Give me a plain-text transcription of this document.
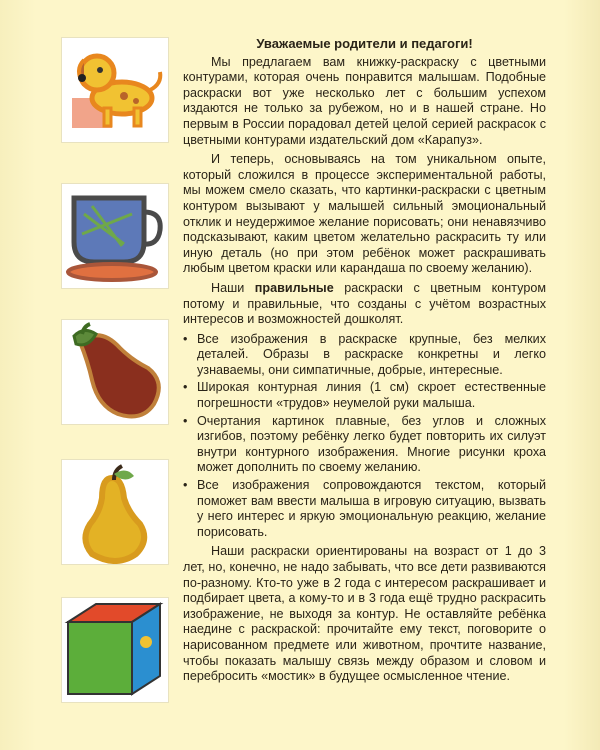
Уважаемые родители и педагоги!

Мы предлагаем вам книжку-раскраску с цветными контурами, которая очень понравится малышам. Подобные раскраски вот уже несколько лет с большим успехом издаются не только за рубежом, но и в нашей стране. Но первым в России порадовал детей целой серией раскрасок с цветными контурами издательский дом «Карапуз».

И теперь, основываясь на том уникальном опыте, который сложился в процессе экспериментальной работы, мы можем смело сказать, что картинки-раскраски с цветным контуром вызывают у малышей сильный эмоциональный отклик и неудержимое желание порисовать; они ненавязчиво подсказывают, каким цветом желательно раскрасить ту или иную деталь (но при этом ребёнок может раскрашивать любым цветом краски или карандаша по своему желанию).

Наши правильные раскраски с цветным контуром потому и правильные, что созданы с учётом возрастных интересов и возможностей дошколят.

• Все изображения в раскраске крупные, без мелких деталей. Образы в раскраске конкретны и легко узнаваемы, они симпатичные, добрые, интересные.
• Широкая контурная линия (1 см) скроет естественные погрешности «трудов» неумелой руки малыша.
• Очертания картинок плавные, без углов и сложных изгибов, поэтому ребёнку легко будет повторить их силуэт внутри контурного изображения. Многие рисунки кроха может дополнить по своему желанию.
• Все изображения сопровождаются текстом, который поможет вам ввести малыша в игровую ситуацию, вызвать у него интерес и яркую эмоциональную реакцию, желание порисовать.

Наши раскраски ориентированы на возраст от 1 до 3 лет, но, конечно, не надо забывать, что все дети развиваются по-разному. Кто-то уже в 2 года с интересом раскрашивает и подбирает цвета, а кому-то и в 3 года ещё трудно раскрасить изображение, не выходя за контур. Не оставляйте ребёнка наедине с раскраской: прочитайте ему текст, поговорите о нарисованном предмете или животном, прочтите название, чтобы показать малышу связь между образом и словом и перебросить «мостик» в будущее осмысленное чтение.
